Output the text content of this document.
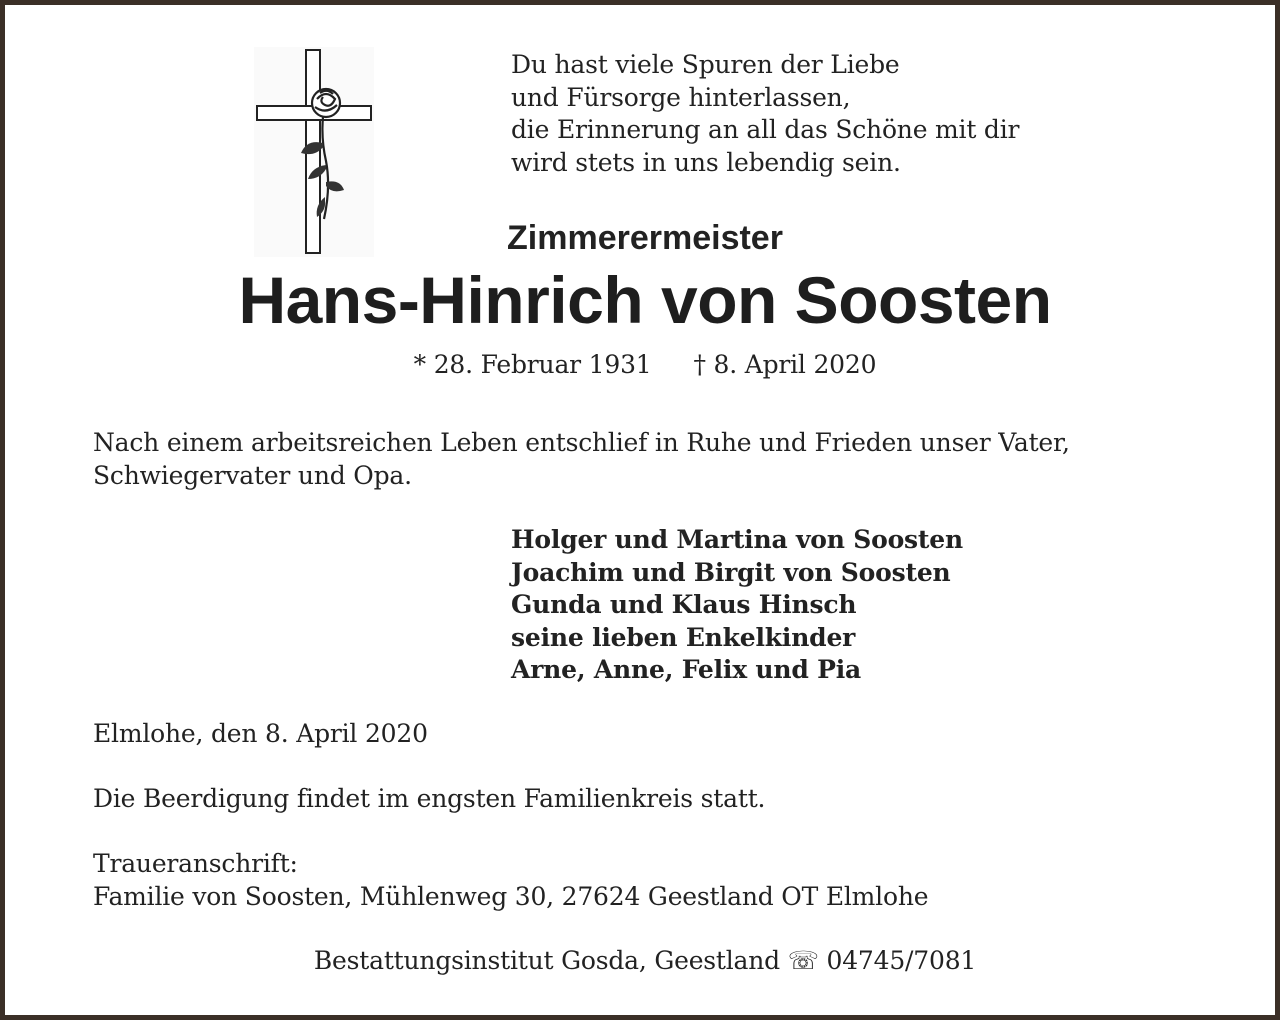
Du hast viele Spuren der Liebe
und Fürsorge hinterlassen,
die Erinnerung an all das Schöne mit dir
wird stets in uns lebendig sein.
Zimmerermeister
Hans-Hinrich von Soosten
* 28. Februar 1931 † 8. April 2020
Nach einem arbeitsreichen Leben entschlief in Ruhe und Frieden unser Vater,
Schwiegervater und Opa.
Holger und Martina von Soosten
Joachim und Birgit von Soosten
Gunda und Klaus Hinsch
seine lieben Enkelkinder
Arne, Anne, Felix und Pia
Elmlohe, den 8. April 2020
Die Beerdigung findet im engsten Familienkreis statt.
Traueranschrift:
Familie von Soosten, Mühlenweg 30, 27624 Geestland OT Elmlohe
Bestattungsinstitut Gosda, Geestland ☏ 04745/7081
